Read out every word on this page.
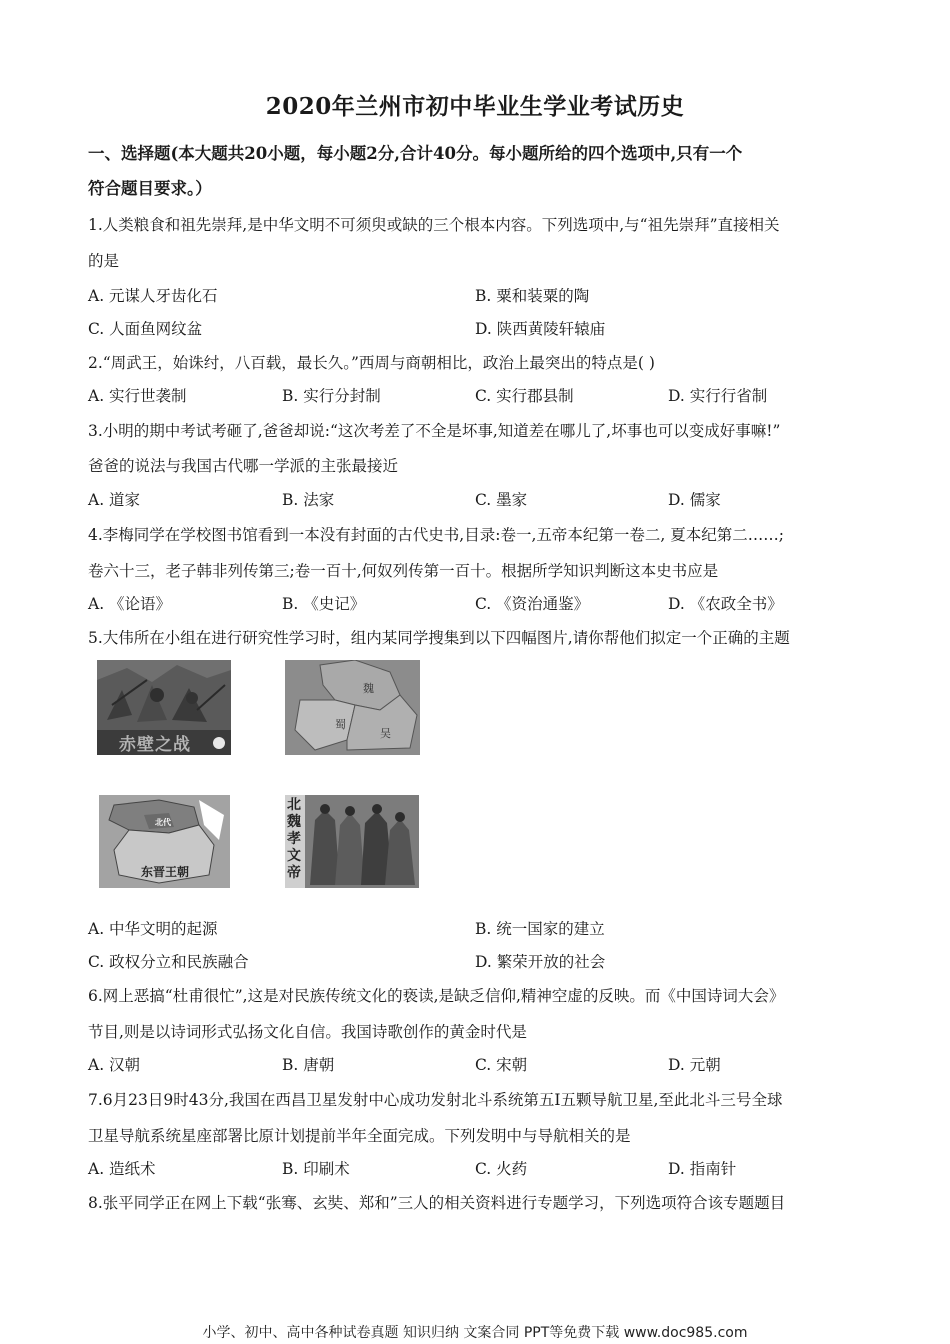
2020年兰州市初中毕业生学业考试历史
一、选择题(本大题共20小题，每小题2分,合计40分。每小题所给的四个选项中,只有一个
符合题目要求。）
1.人类粮食和祖先崇拜,是中华文明不可须臾或缺的三个根本内容。下列选项中,与“祖先崇拜”直接相关
的是
A. 元谋人牙齿化石	B. 粟和装粟的陶
C. 人面鱼网纹盆	D. 陕西黄陵轩辕庙
2.“周武王，始诛纣，八百载，最长久。”西周与商朝相比，政治上最突出的特点是( )
A. 实行世袭制	B. 实行分封制	C. 实行郡县制	D. 实行行省制
3.小明的期中考试考砸了,爸爸却说:“这次考差了不全是坏事,知道差在哪儿了,坏事也可以变成好事嘛!”
爸爸的说法与我国古代哪一学派的主张最接近
A. 道家	B. 法家	C. 墨家	D. 儒家
4.李梅同学在学校图书馆看到一本没有封面的古代史书,目录:卷一,五帝本纪第一卷二, 夏本纪第二……;
卷六十三，老子韩非列传第三;卷一百十,何奴列传第一百十。根据所学知识判断这本史书应是
A. 《论语》	B. 《史记》	C. 《资治通鉴》	D. 《农政全书》
5.大伟所在小组在进行研究性学习时，组内某同学搜集到以下四幅图片,请你帮他们拟定一个正确的主题
赤壁之战
魏
蜀
吴
北代
东晋王朝
北魏孝文帝
A. 中华文明的起源	B. 统一国家的建立
C. 政权分立和民族融合	D. 繁荣开放的社会
6.网上恶搞“杜甫很忙”,这是对民族传统文化的亵读,是缺乏信仰,精神空虚的反映。而《中国诗词大会》
节目,则是以诗词形式弘扬文化自信。我国诗歌创作的黄金时代是
A. 汉朝	B. 唐朝	C. 宋朝	D. 元朝
7.6月23日9时43分,我国在西昌卫星发射中心成功发射北斗系统第五Ⅰ五颗导航卫星,至此北斗三号全球
卫星导航系统星座部署比原计划提前半年全面完成。下列发明中与导航相关的是
A. 造纸术	B. 印刷术	C. 火药	D. 指南针
8.张平同学正在网上下载“张骞、玄奘、郑和”三人的相关资料进行专题学习，下列选项符合该专题题目
小学、初中、高中各种试卷真题 知识归纳 文案合同 PPT等免费下载 www.doc985.com
